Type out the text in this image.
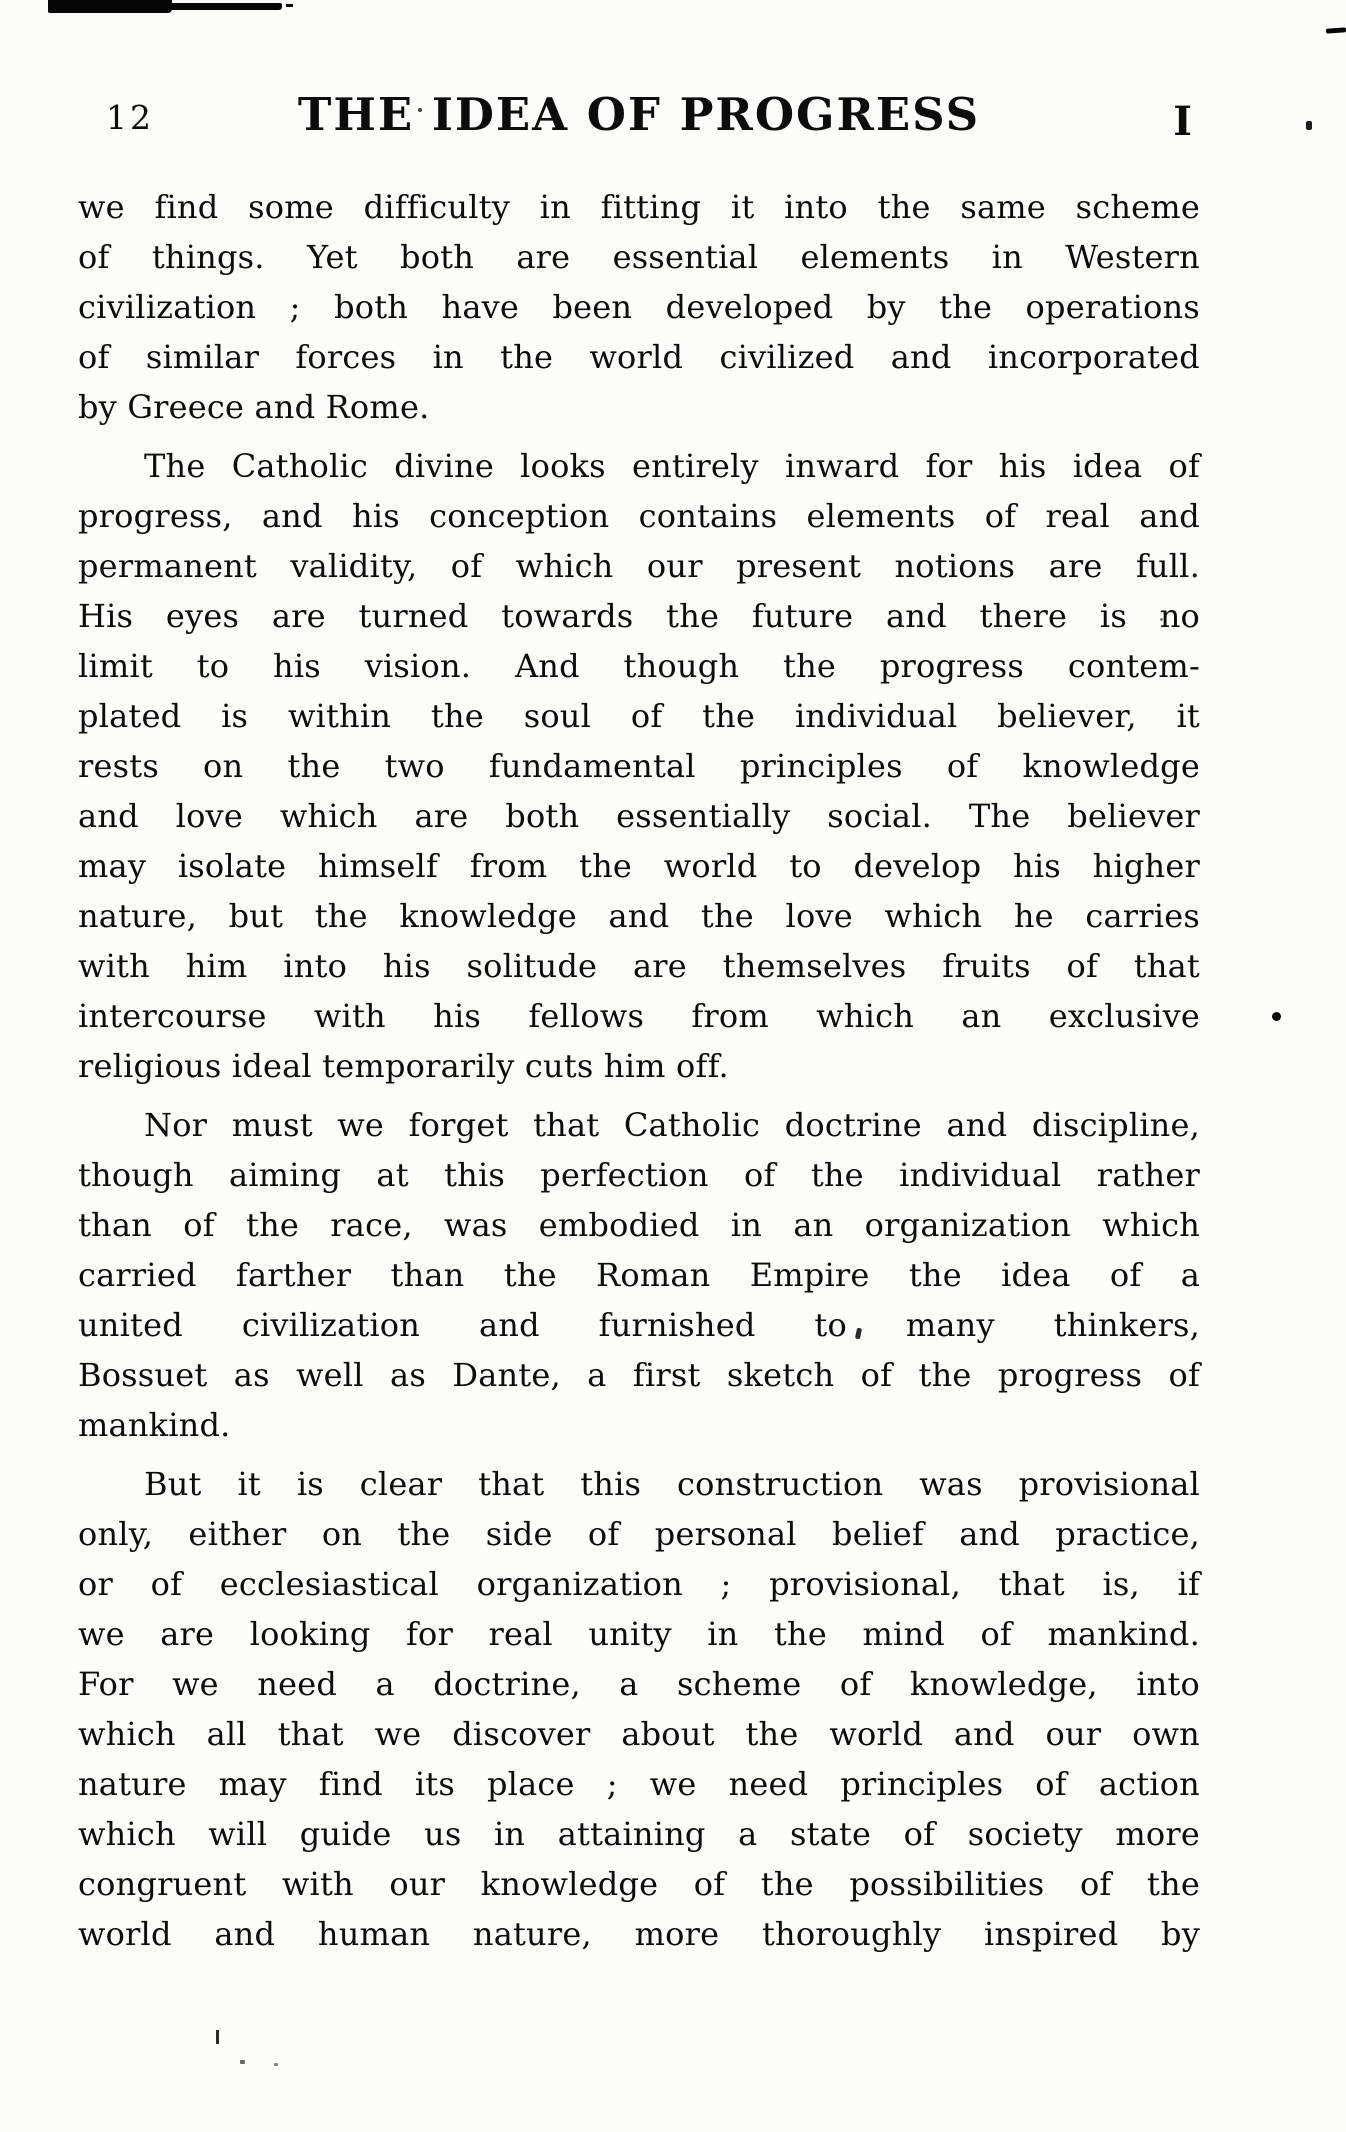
12	THE IDEA OF PROGRESS	I
we find some difficulty in fitting it into the same scheme
of things. Yet both are essential elements in Western
civilization ; both have been developed by the operations
of similar forces in the world civilized and incorporated
by Greece and Rome.
The Catholic divine looks entirely inward for his idea of
progress, and his conception contains elements of real and
permanent validity, of which our present notions are full.
His eyes are turned towards the future and there is no
limit to his vision. And though the progress contem-
plated is within the soul of the individual believer, it
rests on the two fundamental principles of knowledge
and love which are both essentially social. The believer
may isolate himself from the world to develop his higher
nature, but the knowledge and the love which he carries
with him into his solitude are themselves fruits of that
intercourse with his fellows from which an exclusive
religious ideal temporarily cuts him off.
Nor must we forget that Catholic doctrine and discipline,
though aiming at this perfection of the individual rather
than of the race, was embodied in an organization which
carried farther than the Roman Empire the idea of a
united civilization and furnished to many thinkers,
Bossuet as well as Dante, a first sketch of the progress of
mankind.
But it is clear that this construction was provisional
only, either on the side of personal belief and practice,
or of ecclesiastical organization ; provisional, that is, if
we are looking for real unity in the mind of mankind.
For we need a doctrine, a scheme of knowledge, into
which all that we discover about the world and our own
nature may find its place ; we need principles of action
which will guide us in attaining a state of society more
congruent with our knowledge of the possibilities of the
world and human nature, more thoroughly inspired by
